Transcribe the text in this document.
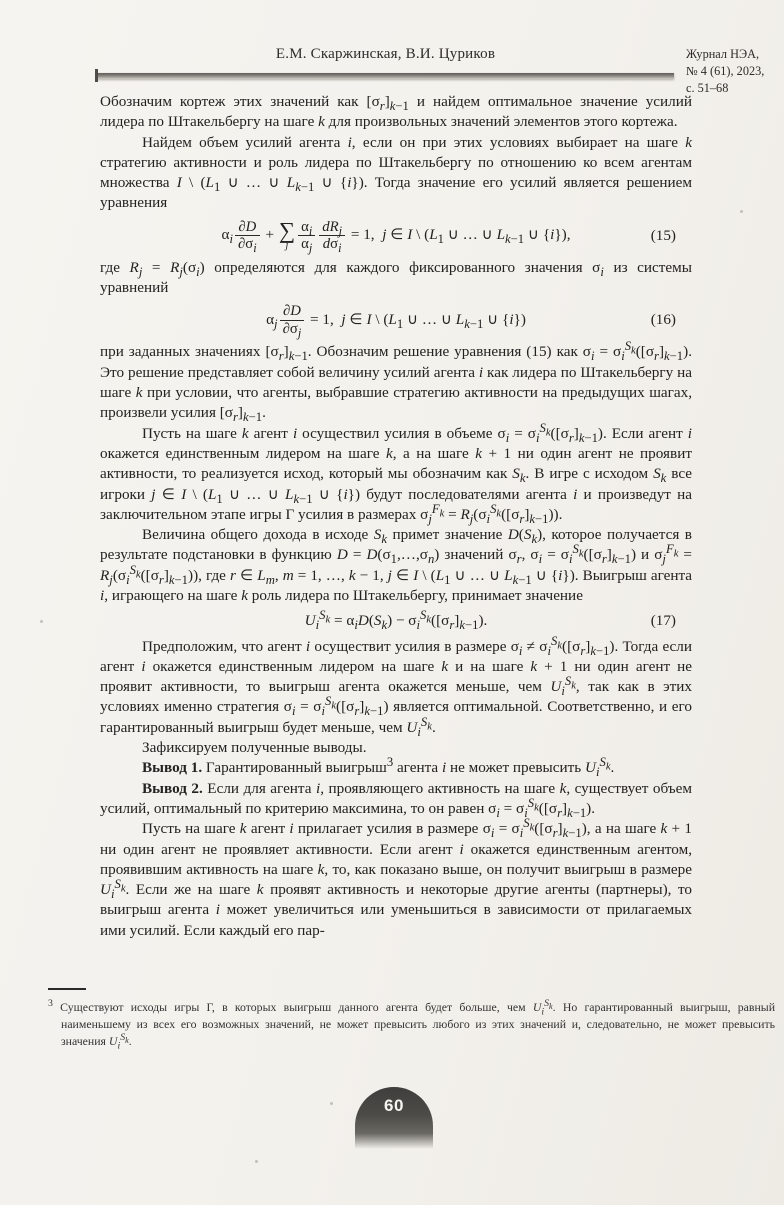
Е.М. Скаржинская, В.И. Цуриков	Журнал НЭА,
№ 4 (61), 2023,
с. 51–68

Обозначим кортеж этих значений как $[\sigma_r]_{k-1}$ и найдем оптимальное значение усилий лидера по Штакельбергу на шаге k для произвольных значений элементов этого кортежа.

Найдем объем усилий агента i, если он при этих условиях выбирает на шаге k стратегию активности и роль лидера по Штакельбергу по отношению ко всем агентам множества I \ ($L_1$ ∪ … ∪ $L_{k-1}$ ∪ {i}). Тогда значение его усилий является решением уравнения

$\alpha_i \frac{\partial D}{\partial\sigma_i}$ + ∑
j $\frac{\alpha_i}{\alpha_j} \frac{dR_j}{d\sigma_i} = 1$,  j ∈ I \ ($L_1$ ∪ … ∪ $L_{k-1}$ ∪ {i}),	(15)

где $R_j = R_j(\sigma_i)$ определяются для каждого фиксированного значения $\sigma_i$ из системы уравнений

$\alpha_j \frac{\partial D}{\partial\sigma_j} = 1$,  j ∈ I \ ($L_1$ ∪ … ∪ $L_{k-1}$ ∪ {i})	(16)

при заданных значениях $[\sigma_r]_{k-1}$. Обозначим решение уравнения (15) как $\sigma_i = \sigma_i^{S_k}([\sigma_r]_{k-1})$. Это решение представляет собой величину усилий агента i как лидера по Штакельбергу на шаге k при условии, что агенты, выбравшие стратегию активности на предыдущих шагах, произвели усилия $[\sigma_r]_{k-1}$.

Пусть на шаге k агент i осуществил усилия в объеме $\sigma_i = \sigma_i^{S_k}([\sigma_r]_{k-1})$. Если агент i окажется единственным лидером на шаге k, а на шаге k + 1 ни один агент не проявит активности, то реализуется исход, который мы обозначим как $S_k$. В игре с исходом $S_k$ все игроки j ∈ I \ ($L_1$ ∪ … ∪ $L_{k-1}$ ∪ {i}) будут последователями агента i и произведут на заключительном этапе игры Γ усилия в размерах $\sigma_j^{F_k} = R_j(\sigma_i^{S_k}([\sigma_r]_{k-1}))$.

Величина общего дохода в исходе $S_k$ примет значение $D(S_k)$, которое получается в результате подстановки в функцию $D = D(\sigma_1,\dots,\sigma_n)$ значений $\sigma_r$, $\sigma_i = \sigma_i^{S_k}([\sigma_r]_{k-1})$ и $\sigma_j^{F_k} = R_j(\sigma_i^{S_k}([\sigma_r]_{k-1}))$, где r ∈ $L_m$, m = 1, …, k − 1, j ∈ I \ ($L_1$ ∪ … ∪ $L_{k-1}$ ∪ {i}). Выигрыш агента i, играющего на шаге k роль лидера по Штакельбергу, принимает значение

$U_i^{S_k} = \alpha_iD(S_k) - \sigma_i^{S_k}([\sigma_r]_{k-1})$.	(17)

Предположим, что агент i осуществит усилия в размере $\sigma_i \ne \sigma_i^{S_k}([\sigma_r]_{k-1})$. Тогда если агент i окажется единственным лидером на шаге k и на шаге k + 1 ни один агент не проявит активности, то выигрыш агента окажется меньше, чем $U_i^{S_k}$, так как в этих условиях именно стратегия $\sigma_i = \sigma_i^{S_k}([\sigma_r]_{k-1})$ является оптимальной. Соответственно, и его гарантированный выигрыш будет меньше, чем $U_i^{S_k}$.

Зафиксируем полученные выводы.

Вывод 1. Гарантированный выигрыш$^3$ агента i не может превысить $U_i^{S_k}$.

Вывод 2. Если для агента i, проявляющего активность на шаге k, существует объем усилий, оптимальный по критерию максимина, то он равен $\sigma_i = \sigma_i^{S_k}([\sigma_r]_{k-1})$.

Пусть на шаге k агент i прилагает усилия в размере $\sigma_i = \sigma_i^{S_k}([\sigma_r]_{k-1})$, а на шаге k + 1 ни один агент не проявляет активности. Если агент i окажется единственным агентом, проявившим активность на шаге k, то, как показано выше, он получит выигрыш в размере $U_i^{S_k}$. Если же на шаге k проявят активность и некоторые другие агенты (партнеры), то выигрыш агента i может увеличиться или уменьшиться в зависимости от прилагаемых ими усилий. Если каждый его пар-

$^3$ Существуют исходы игры Γ, в которых выигрыш данного агента будет больше, чем $U_i^{S_k}$. Но гарантированный выигрыш, равный наименьшему из всех его возможных значений, не может превысить любого из этих значений и, следовательно, не может превысить значения $U_i^{S_k}$.
60
